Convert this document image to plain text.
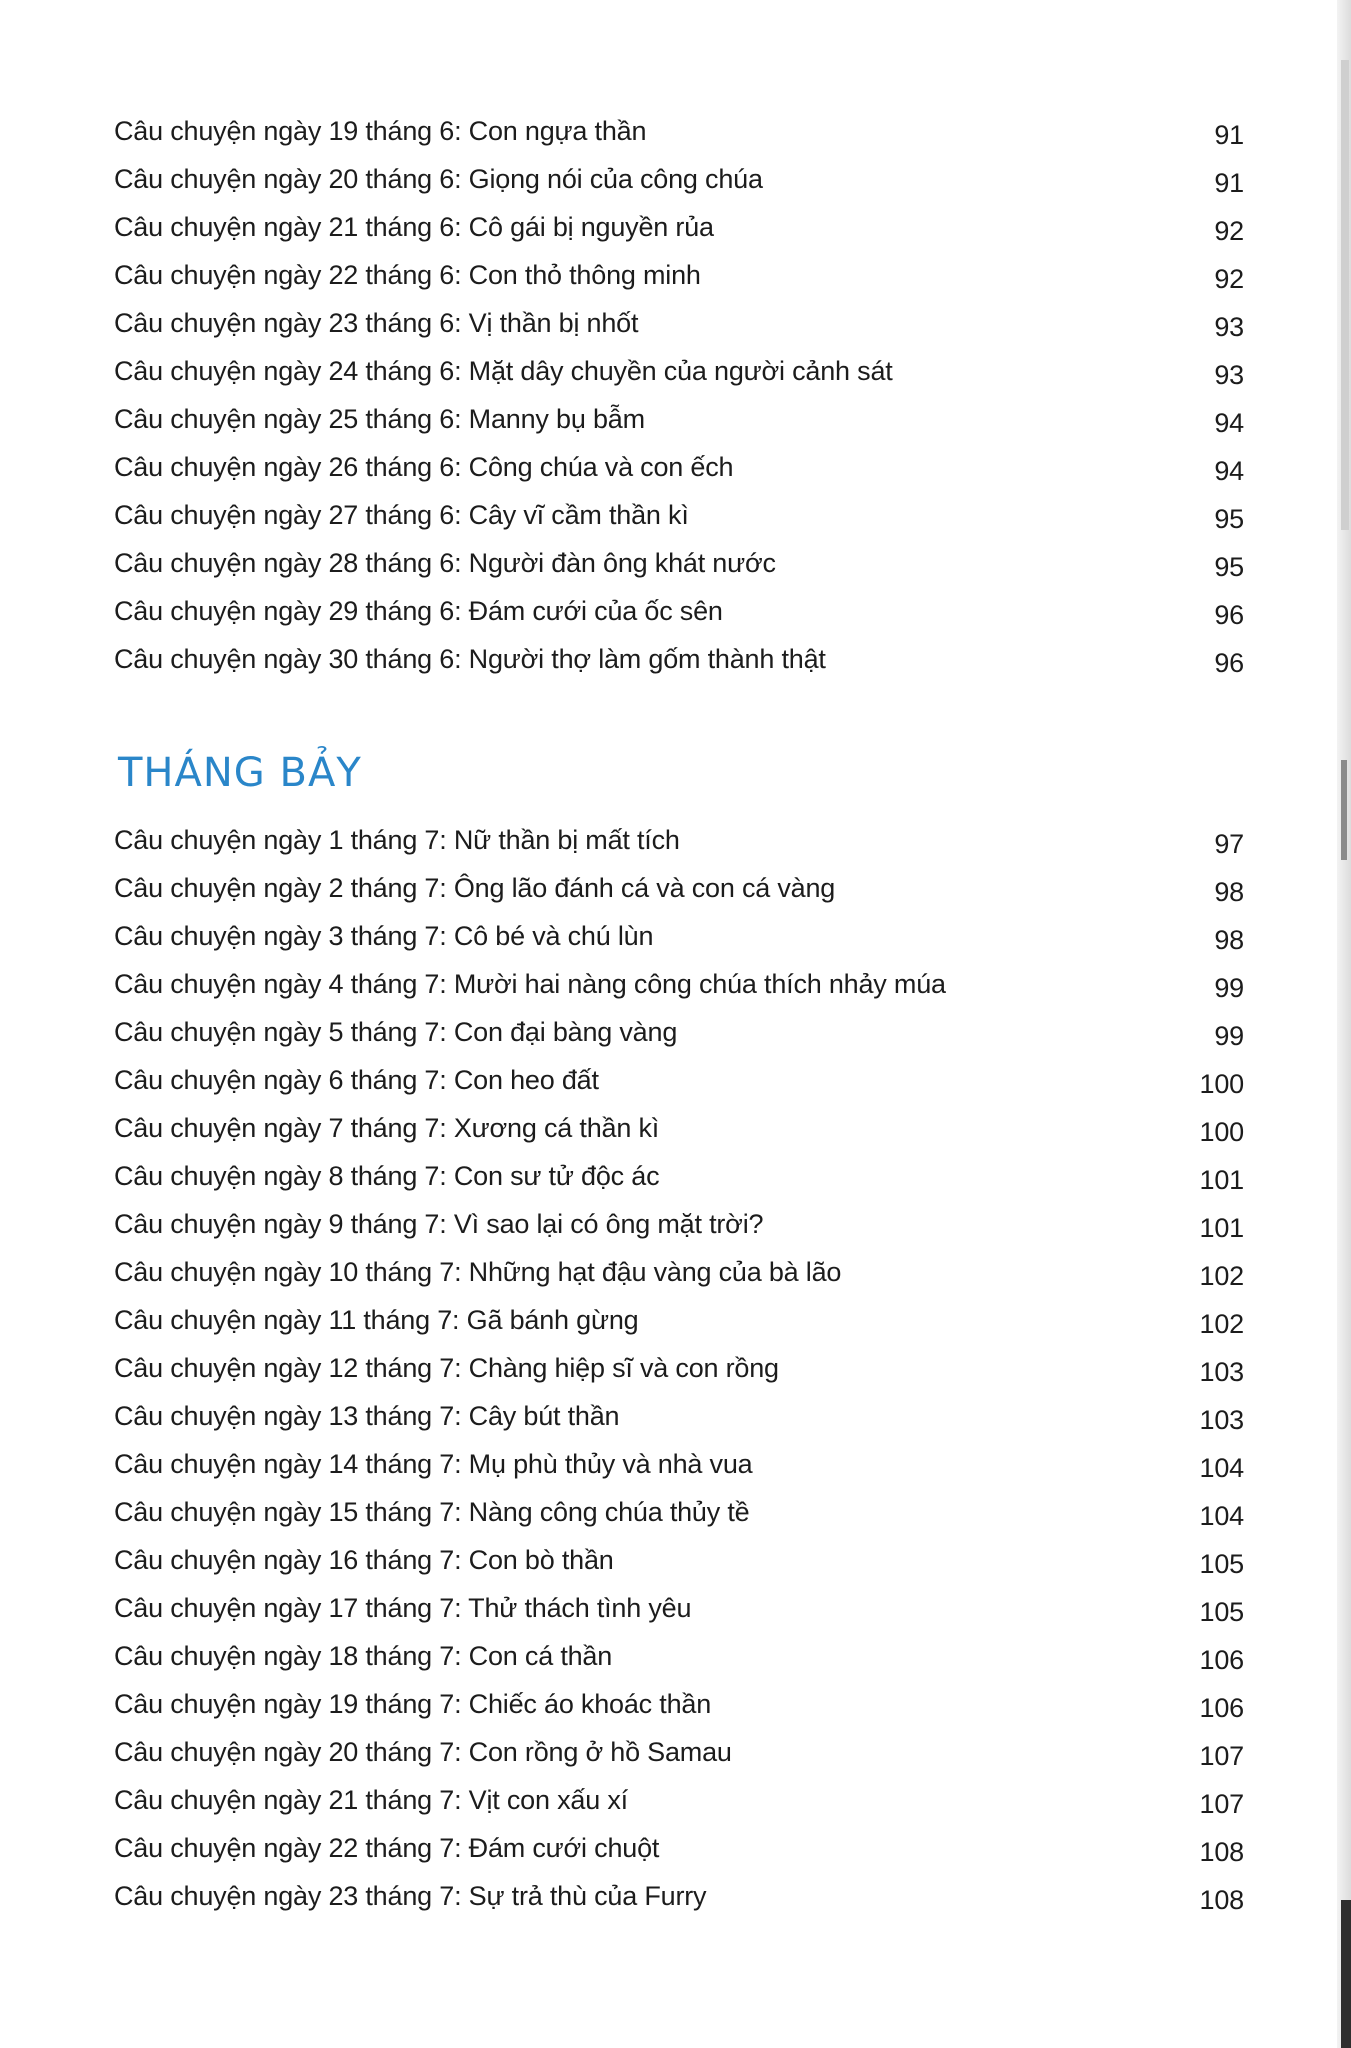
Câu chuyện ngày 19 tháng 6: Con ngựa thần	91
Câu chuyện ngày 20 tháng 6: Giọng nói của công chúa	91
Câu chuyện ngày 21 tháng 6: Cô gái bị nguyền rủa	92
Câu chuyện ngày 22 tháng 6: Con thỏ thông minh	92
Câu chuyện ngày 23 tháng 6: Vị thần bị nhốt	93
Câu chuyện ngày 24 tháng 6: Mặt dây chuyền của người cảnh sát	93
Câu chuyện ngày 25 tháng 6: Manny bụ bẫm	94
Câu chuyện ngày 26 tháng 6: Công chúa và con ếch	94
Câu chuyện ngày 27 tháng 6: Cây vĩ cầm thần kì	95
Câu chuyện ngày 28 tháng 6: Người đàn ông khát nước	95
Câu chuyện ngày 29 tháng 6: Đám cưới của ốc sên	96
Câu chuyện ngày 30 tháng 6: Người thợ làm gốm thành thật	96
THÁNG BẢY
Câu chuyện ngày 1 tháng 7: Nữ thần bị mất tích	97
Câu chuyện ngày 2 tháng 7: Ông lão đánh cá và con cá vàng	98
Câu chuyện ngày 3 tháng 7: Cô bé và chú lùn	98
Câu chuyện ngày 4 tháng 7: Mười hai nàng công chúa thích nhảy múa	99
Câu chuyện ngày 5 tháng 7: Con đại bàng vàng	99
Câu chuyện ngày 6 tháng 7: Con heo đất	100
Câu chuyện ngày 7 tháng 7: Xương cá thần kì	100
Câu chuyện ngày 8 tháng 7: Con sư tử độc ác	101
Câu chuyện ngày 9 tháng 7: Vì sao lại có ông mặt trời?	101
Câu chuyện ngày 10 tháng 7: Những hạt đậu vàng của bà lão	102
Câu chuyện ngày 11 tháng 7: Gã bánh gừng	102
Câu chuyện ngày 12 tháng 7: Chàng hiệp sĩ và con rồng	103
Câu chuyện ngày 13 tháng 7: Cây bút thần	103
Câu chuyện ngày 14 tháng 7: Mụ phù thủy và nhà vua	104
Câu chuyện ngày 15 tháng 7: Nàng công chúa thủy tề	104
Câu chuyện ngày 16 tháng 7: Con bò thần	105
Câu chuyện ngày 17 tháng 7: Thử thách tình yêu	105
Câu chuyện ngày 18 tháng 7: Con cá thần	106
Câu chuyện ngày 19 tháng 7: Chiếc áo khoác thần	106
Câu chuyện ngày 20 tháng 7: Con rồng ở hồ Samau	107
Câu chuyện ngày 21 tháng 7: Vịt con xấu xí	107
Câu chuyện ngày 22 tháng 7: Đám cưới chuột	108
Câu chuyện ngày 23 tháng 7: Sự trả thù của Furry	108
